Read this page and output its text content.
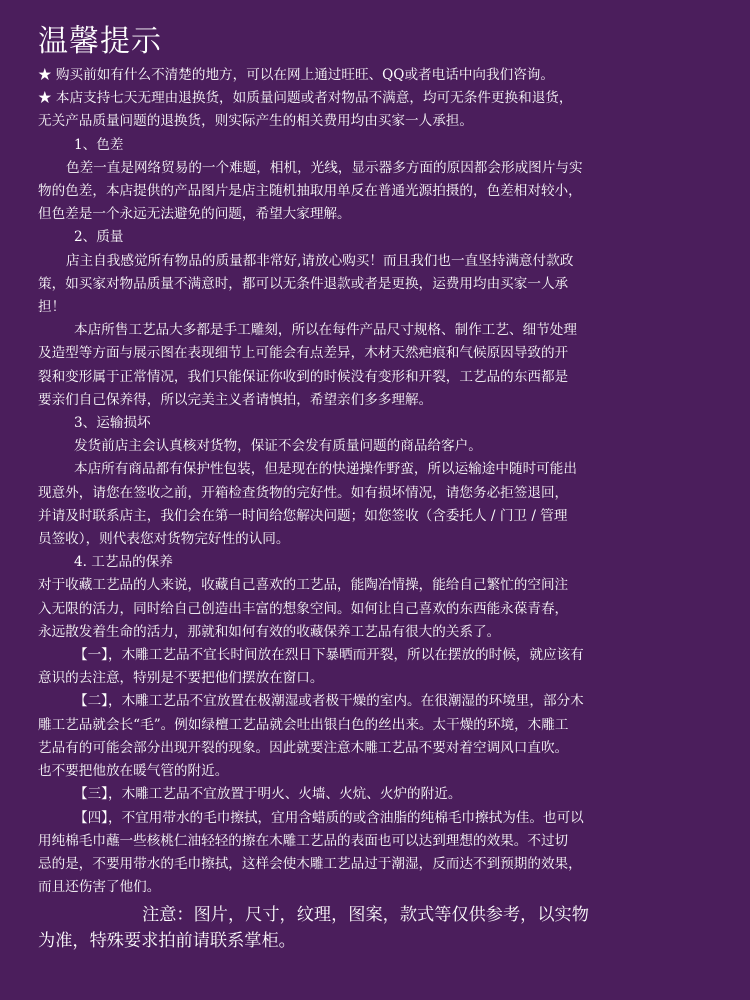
温馨提示
★ 购买前如有什么不清楚的地方，可以在网上通过旺旺、QQ或者电话中向我们咨询。
★ 本店支持七天无理由退换货，如质量问题或者对物品不满意，均可无条件更换和退货，
无关产品质量问题的退换货，则实际产生的相关费用均由买家一人承担。
1、色差
色差一直是网络贸易的一个难题，相机，光线，显示器多方面的原因都会形成图片与实
物的色差，本店提供的产品图片是店主随机抽取用单反在普通光源拍摄的，色差相对较小，
但色差是一个永远无法避免的问题，希望大家理解。
2、质量
店主自我感觉所有物品的质量都非常好,请放心购买！而且我们也一直坚持满意付款政
策，如买家对物品质量不满意时，都可以无条件退款或者是更换，运费用均由买家一人承
担！
本店所售工艺品大多都是手工雕刻，所以在每件产品尺寸规格、制作工艺、细节处理
及造型等方面与展示图在表现细节上可能会有点差异，木材天然疤痕和气候原因导致的开
裂和变形属于正常情况，我们只能保证你收到的时候没有变形和开裂，工艺品的东西都是
要亲们自己保养得，所以完美主义者请慎拍，希望亲们多多理解。
3、运输损坏
发货前店主会认真核对货物，保证不会发有质量问题的商品给客户。
本店所有商品都有保护性包装，但是现在的快递操作野蛮，所以运输途中随时可能出
现意外，请您在签收之前，开箱检查货物的完好性。如有损坏情况，请您务必拒签退回，
并请及时联系店主，我们会在第一时间给您解决问题；如您签收（含委托人 / 门卫 / 管理
员签收），则代表您对货物完好性的认同。
4. 工艺品的保养
对于收藏工艺品的人来说，收藏自己喜欢的工艺品，能陶冶情操，能给自己繁忙的空间注
入无限的活力，同时给自己创造出丰富的想象空间。如何让自己喜欢的东西能永葆青春，
永远散发着生命的活力，那就和如何有效的收藏保养工艺品有很大的关系了。
【一】，木雕工艺品不宜长时间放在烈日下暴晒而开裂，所以在摆放的时候，就应该有
意识的去注意，特别是不要把他们摆放在窗口。
【二】，木雕工艺品不宜放置在极潮湿或者极干燥的室内。在很潮湿的环境里，部分木
雕工艺品就会长“毛”。例如绿檀工艺品就会吐出银白色的丝出来。太干燥的环境，木雕工
艺品有的可能会部分出现开裂的现象。因此就要注意木雕工艺品不要对着空调风口直吹。
也不要把他放在暖气管的附近。
【三】，木雕工艺品不宜放置于明火、火墙、火炕、火炉的附近。
【四】，不宜用带水的毛巾擦拭，宜用含蜡质的或含油脂的纯棉毛巾擦拭为佳。也可以
用纯棉毛巾蘸一些核桃仁油轻轻的擦在木雕工艺品的表面也可以达到理想的效果。不过切
忌的是，不要用带水的毛巾擦拭，这样会使木雕工艺品过于潮湿，反而达不到预期的效果，
而且还伤害了他们。
注意：图片，尺寸，纹理，图案，款式等仅供参考，以实物
为准，特殊要求拍前请联系掌柜。
